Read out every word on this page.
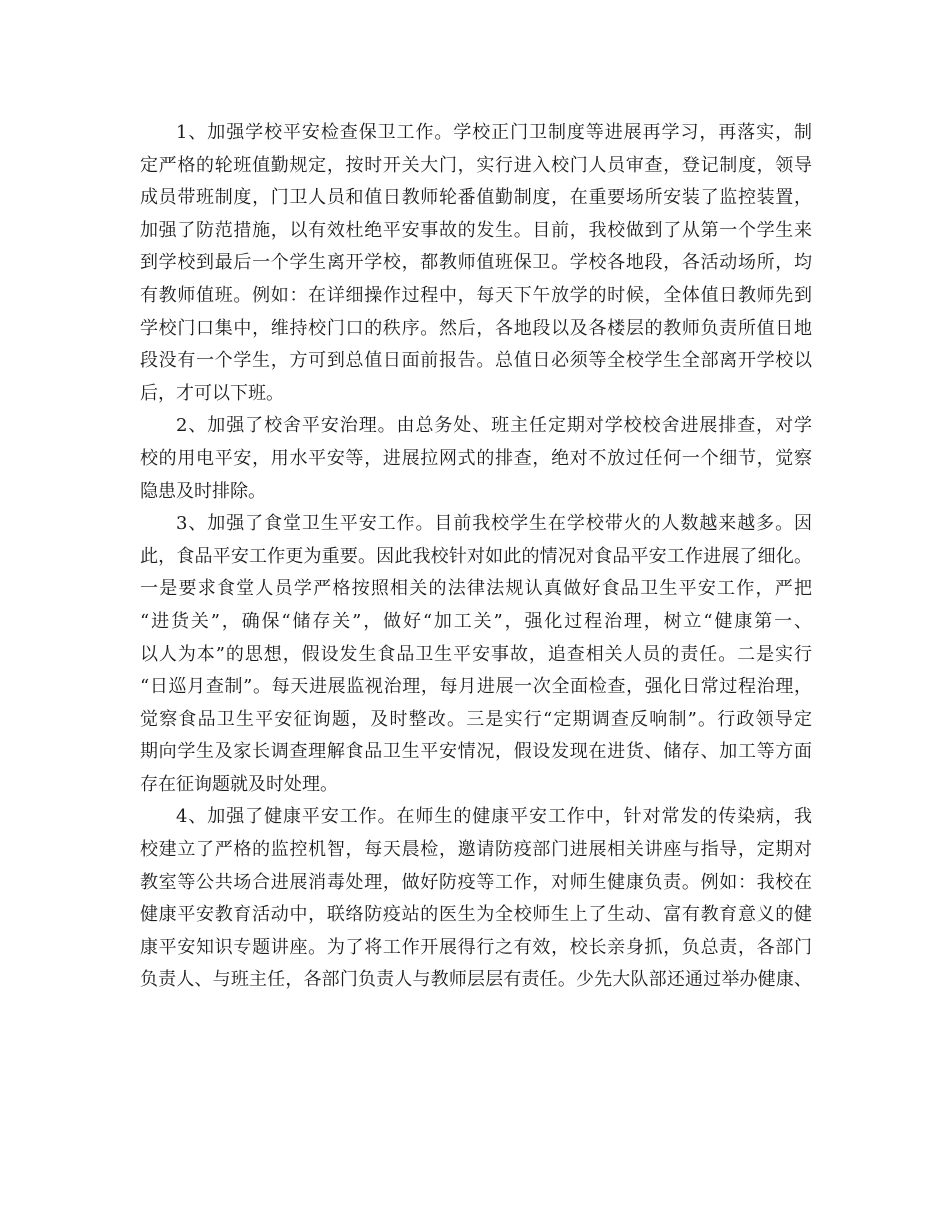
1、加强学校平安检查保卫工作。学校正门卫制度等进展再学习，再落实，制
定严格的轮班值勤规定，按时开关大门，实行进入校门人员审查，登记制度，领导
成员带班制度，门卫人员和值日教师轮番值勤制度，在重要场所安装了监控装置，
加强了防范措施，以有效杜绝平安事故的发生。目前，我校做到了从第一个学生来
到学校到最后一个学生离开学校，都教师值班保卫。学校各地段，各活动场所，均
有教师值班。例如：在详细操作过程中，每天下午放学的时候，全体值日教师先到
学校门口集中，维持校门口的秩序。然后，各地段以及各楼层的教师负责所值日地
段没有一个学生，方可到总值日面前报告。总值日必须等全校学生全部离开学校以
后，才可以下班。
2、加强了校舍平安治理。由总务处、班主任定期对学校校舍进展排查，对学
校的用电平安，用水平安等，进展拉网式的排查，绝对不放过任何一个细节，觉察
隐患及时排除。
3、加强了食堂卫生平安工作。目前我校学生在学校带火的人数越来越多。因
此，食品平安工作更为重要。因此我校针对如此的情况对食品平安工作进展了细化。
一是要求食堂人员学严格按照相关的法律法规认真做好食品卫生平安工作，严把
“进货关”，确保“储存关”，做好“加工关”，强化过程治理，树立“健康第一、
以人为本”的思想，假设发生食品卫生平安事故，追查相关人员的责任。二是实行
“日巡月查制”。每天进展监视治理，每月进展一次全面检查，强化日常过程治理，
觉察食品卫生平安征询题，及时整改。三是实行“定期调查反响制”。行政领导定
期向学生及家长调查理解食品卫生平安情况，假设发现在进货、储存、加工等方面
存在征询题就及时处理。
4、加强了健康平安工作。在师生的健康平安工作中，针对常发的传染病，我
校建立了严格的监控机智，每天晨检，邀请防疫部门进展相关讲座与指导，定期对
教室等公共场合进展消毒处理，做好防疫等工作，对师生健康负责。例如：我校在
健康平安教育活动中，联络防疫站的医生为全校师生上了生动、富有教育意义的健
康平安知识专题讲座。为了将工作开展得行之有效，校长亲身抓，负总责，各部门
负责人、与班主任，各部门负责人与教师层层有责任。少先大队部还通过举办健康、
